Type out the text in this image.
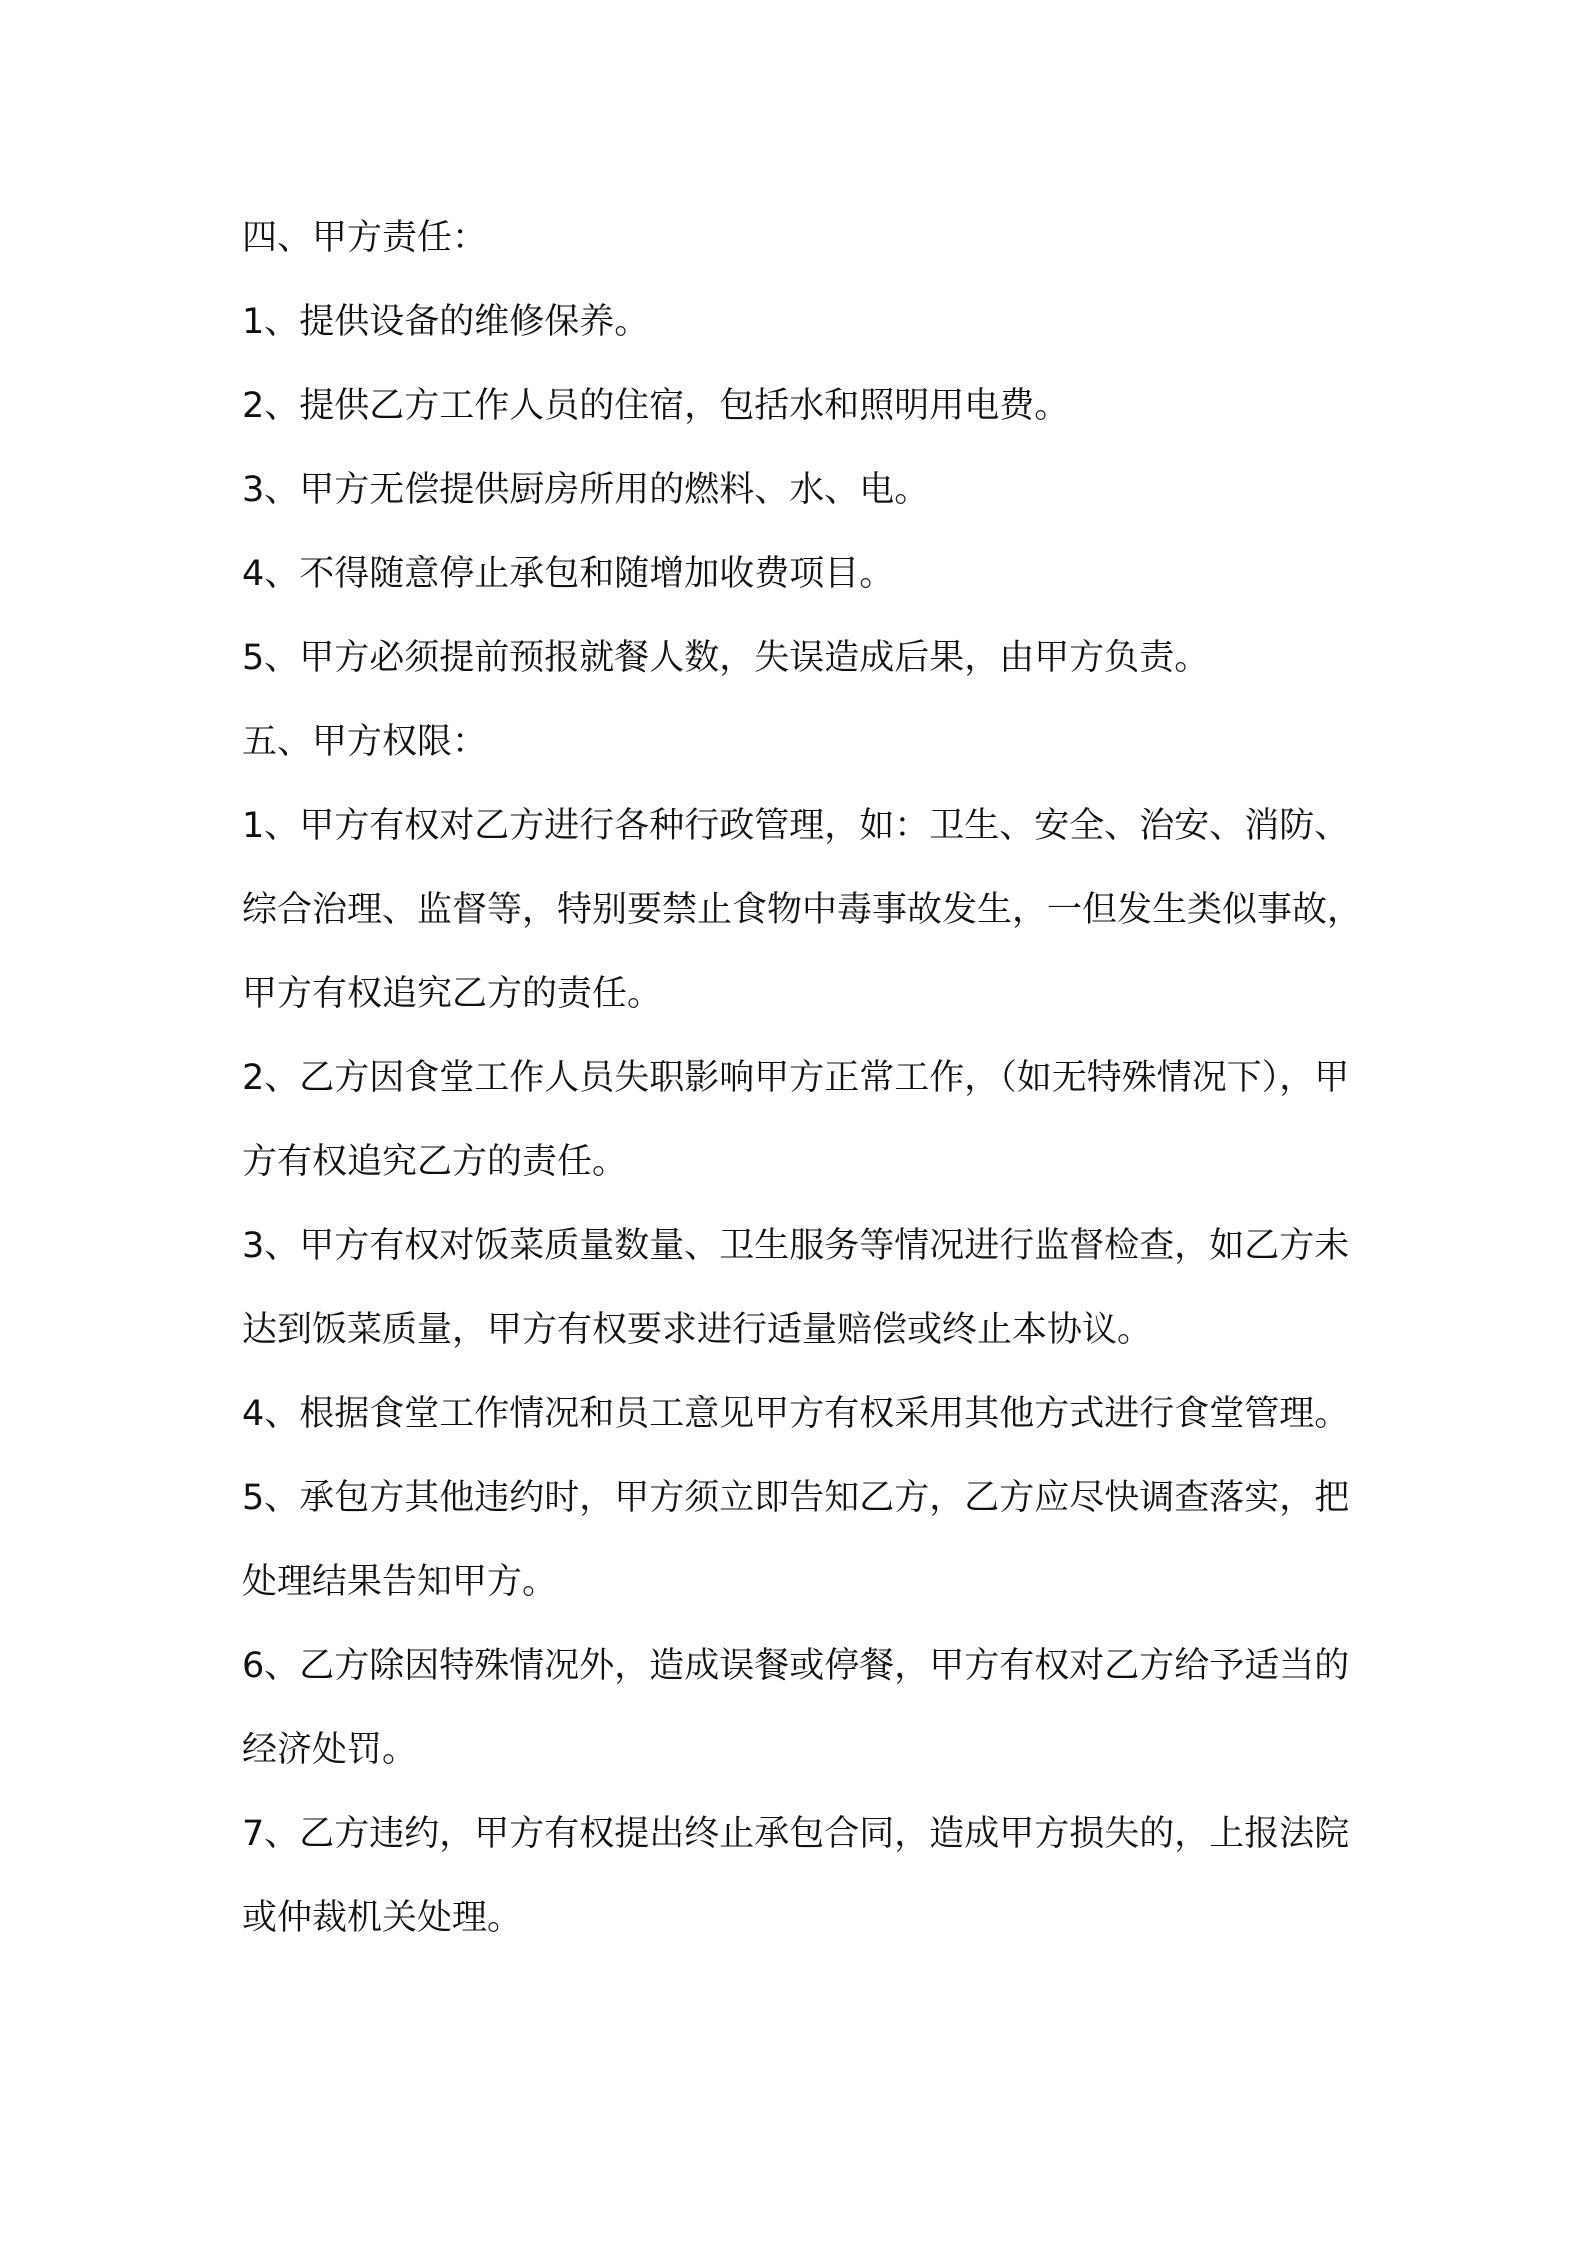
四、甲方责任：

1、提供设备的维修保养。

2、提供乙方工作人员的住宿，包括水和照明用电费。

3、甲方无偿提供厨房所用的燃料、水、电。

4、不得随意停止承包和随增加收费项目。

5、甲方必须提前预报就餐人数，失误造成后果，由甲方负责。

五、甲方权限：

1、甲方有权对乙方进行各种行政管理，如：卫生、安全、治安、消防、综合治理、监督等，特别要禁止食物中毒事故发生，一但发生类似事故，甲方有权追究乙方的责任。

2、乙方因食堂工作人员失职影响甲方正常工作，（如无特殊情况下），甲方有权追究乙方的责任。

3、甲方有权对饭菜质量数量、卫生服务等情况进行监督检查，如乙方未达到饭菜质量，甲方有权要求进行适量赔偿或终止本协议。

4、根据食堂工作情况和员工意见甲方有权采用其他方式进行食堂管理。

5、承包方其他违约时，甲方须立即告知乙方，乙方应尽快调查落实，把处理结果告知甲方。

6、乙方除因特殊情况外，造成误餐或停餐，甲方有权对乙方给予适当的经济处罚。

7、乙方违约，甲方有权提出终止承包合同，造成甲方损失的，上报法院或仲裁机关处理。
